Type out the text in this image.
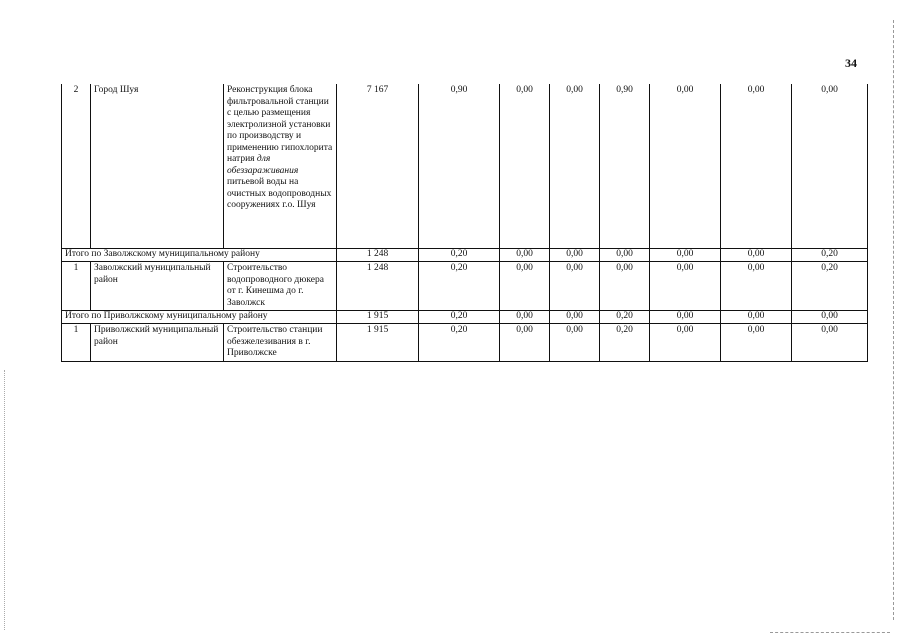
34
2	Город Шуя	Реконструкция блока фильтровальной станции с целью размещения электролизной установки по производству и применению гипохлорита натрия для обеззараживания питьевой воды на очистных водопроводных сооружениях г.о. Шуя	7 167	0,90	0,00	0,00	0,90	0,00	0,00	0,00
Итого по Заволжскому муниципальному району			1 248	0,20	0,00	0,00	0,00	0,00	0,00	0,20
1	Заволжский муниципальный район	Строительство водопроводного дюкера от г. Кинешма до г. Заволжск	1 248	0,20	0,00	0,00	0,00	0,00	0,00	0,20
Итого по Приволжскому муниципальному району			1 915	0,20	0,00	0,00	0,20	0,00	0,00	0,00
1	Приволжский муниципальный район	Строительство станции обезжелезивания в г. Приволжске	1 915	0,20	0,00	0,00	0,20	0,00	0,00	0,00
